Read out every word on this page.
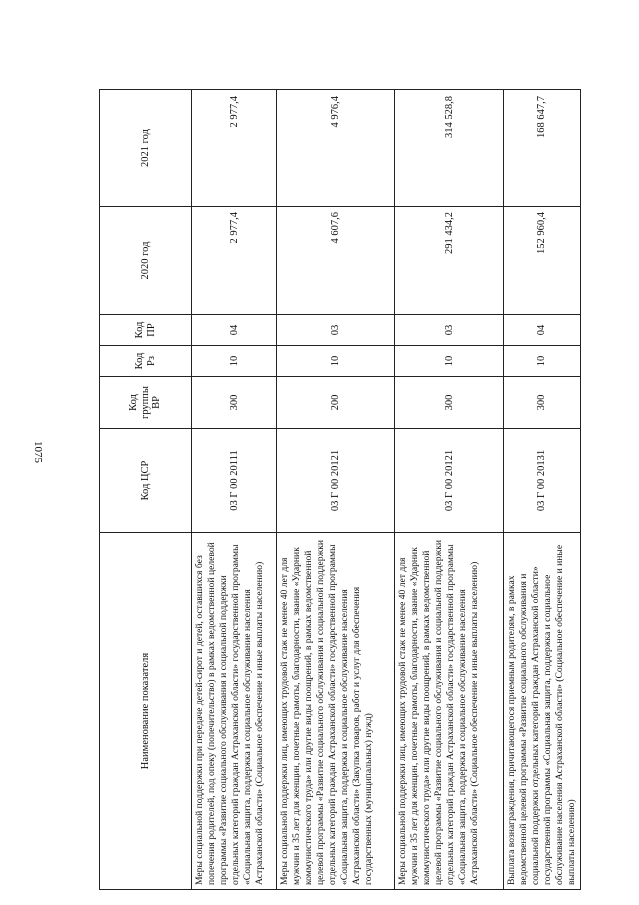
1075
Наименование показателя	Код ЦСР	Код группы ВР	Код Рз	Код ПР	2020 год	2021 год
Меры социальной поддержки при передаче детей-сирот и детей, оставшихся без попечения родителей, под опеку (попечительство) в рамках ведомственной целевой программы «Развитие социального обслуживания и социальной поддержки отдельных категорий граждан Астраханской области» государственной программы «Социальная защита, поддержка и социальное обслуживание населения Астраханской области» (Социальное обеспечение и иные выплаты населению)	03 Г 00 20111	300	10	04	2 977,4	2 977,4
Меры социальной поддержки лиц, имеющих трудовой стаж не менее 40 лет для мужчин и 35 лет для женщин, почетные грамоты, благодарности, звание «Ударник коммунистического труда» или другие виды поощрений, в рамках ведомственной целевой программы «Развитие социального обслуживания и социальной поддержки отдельных категорий граждан Астраханской области» государственной программы «Социальная защита, поддержка и социальное обслуживание населения Астраханской области» (Закупка товаров, работ и услуг для обеспечения государственных (муниципальных) нужд)	03 Г 00 20121	200	10	03	4 607,6	4 976,4
Меры социальной поддержки лиц, имеющих трудовой стаж не менее 40 лет для мужчин и 35 лет для женщин, почетные грамоты, благодарности, звание «Ударник коммунистического труда» или другие виды поощрений, в рамках ведомственной целевой программы «Развитие социального обслуживания и социальной поддержки отдельных категорий граждан Астраханской области» государственной программы «Социальная защита, поддержка и социальное обслуживание населения Астраханской области» (Социальное обеспечение и иные выплаты населению)	03 Г 00 20121	300	10	03	291 434,2	314 528,8
Выплата вознаграждения, причитающегося приемным родителям, в рамках ведомственной целевой программы «Развитие социального обслуживания и социальной поддержки отдельных категорий граждан Астраханской области» государственной программы «Социальная защита, поддержка и социальное обслуживание населения Астраханской области» (Социальное обеспечение и иные выплаты населению)	03 Г 00 20131	300	10	04	152 960,4	168 647,7
